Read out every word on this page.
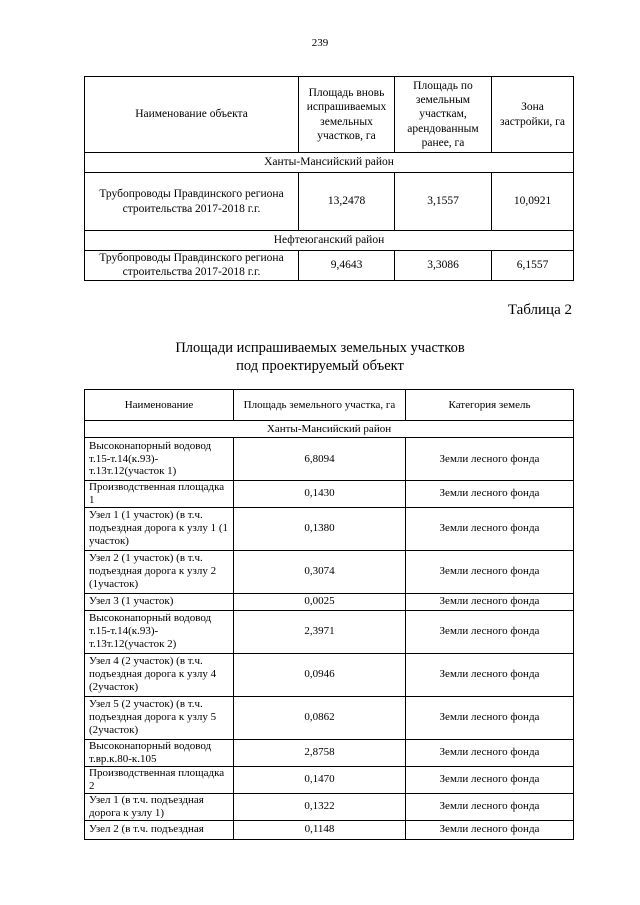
239
Наименование объекта	Площадь вновь испрашиваемых земельных участков, га	Площадь по земельным участкам, арендованным ранее, га	Зона застройки, га
Ханты-Мансийский район			
Трубопроводы Правдинского региона строительства 2017-2018 г.г.	13,2478	3,1557	10,0921
Нефтеюганский район			
Трубопроводы Правдинского региона строительства 2017-2018 г.г.	9,4643	3,3086	6,1557
Таблица 2
Площади испрашиваемых земельных участков
под проектируемый объект
Наименование	Площадь земельного участка, га	Категория земель
Ханты-Мансийский район		
Высоконапорный водовод т.15-т.14(к.93)-т.13т.12(участок 1)	6,8094	Земли лесного фонда
Производственная площадка 1	0,1430	Земли лесного фонда
Узел 1 (1 участок) (в т.ч. подъездная дорога к узлу 1 (1 участок)	0,1380	Земли лесного фонда
Узел 2 (1 участок) (в т.ч. подъездная дорога к узлу 2 (1участок)	0,3074	Земли лесного фонда
Узел 3 (1 участок)	0,0025	Земли лесного фонда
Высоконапорный водовод т.15-т.14(к.93)-т.13т.12(участок 2)	2,3971	Земли лесного фонда
Узел 4 (2 участок) (в т.ч. подъездная дорога к узлу 4 (2участок)	0,0946	Земли лесного фонда
Узел 5 (2 участок) (в т.ч. подъездная дорога к узлу 5 (2участок)	0,0862	Земли лесного фонда
Высоконапорный водовод т.вр.к.80-к.105	2,8758	Земли лесного фонда
Производственная площадка 2	0,1470	Земли лесного фонда
Узел 1 (в т.ч. подъездная дорога к узлу 1)	0,1322	Земли лесного фонда
Узел 2 (в т.ч. подъездная	0,1148	Земли лесного фонда
